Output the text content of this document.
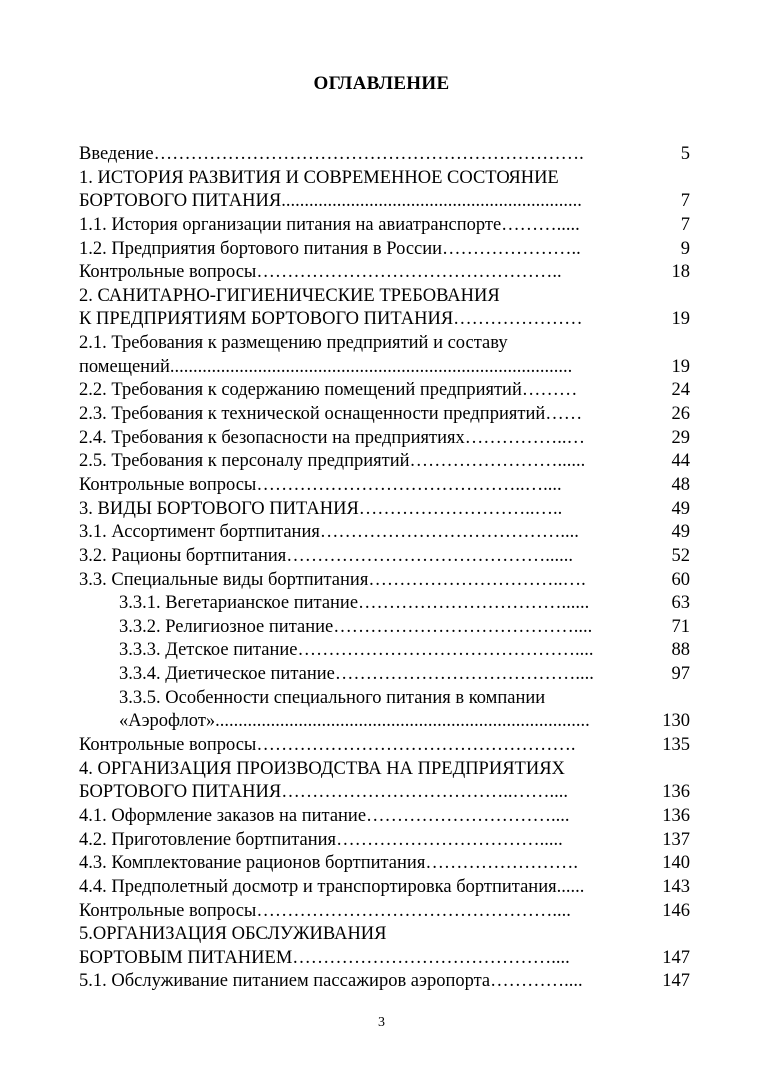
ОГЛАВЛЕНИЕ
Введение…………………………………………………………….	5
1. ИСТОРИЯ РАЗВИТИЯ И СОВРЕМЕННОЕ СОСТОЯНИЕ
БОРТОВОГО ПИТАНИЯ.................................................................	7
1.1. История организации питания на авиатранспорте……….....	7
1.2. Предприятия бортового питания в России…………………..	9
Контрольные вопросы…………………………………………..	18
2. САНИТАРНО-ГИГИЕНИЧЕСКИЕ ТРЕБОВАНИЯ
К ПРЕДПРИЯТИЯМ БОРТОВОГО ПИТАНИЯ…………………	19
2.1. Требования к размещению предприятий и составу
помещений.......................................................................................	19
2.2. Требования к содержанию помещений предприятий………	24
2.3. Требования к технической оснащенности предприятий……	26
2.4. Требования к безопасности на предприятиях……………..…	29
2.5. Требования к персоналу предприятий……………………......	44
Контрольные вопросы……………………………………..…....	48
3. ВИДЫ БОРТОВОГО ПИТАНИЯ………………………..…..	49
3.1. Ассортимент бортпитания…………………………………....	49
3.2. Рационы бортпитания……………………………………......	52
3.3. Специальные виды бортпитания…………………………..….	60
3.3.1. Вегетарианское питание……………………………......	63
3.3.2. Религиозное питание…………………………………....	71
3.3.3. Детское питание………………………………………....	88
3.3.4. Диетическое питание…………………………………....	97
3.3.5. Особенности специального питания в компании
«Аэрофлот».................................................................................	130
Контрольные вопросы…………………………………………….	135
4. ОРГАНИЗАЦИЯ ПРОИЗВОДСТВА НА ПРЕДПРИЯТИЯХ
БОРТОВОГО ПИТАНИЯ………………………………..……....	136
4.1. Оформление заказов на питание…………………………....	136
4.2. Приготовление бортпитания…………………………….....	137
4.3. Комплектование рационов бортпитания…………………….	140
4.4. Предполетный досмотр и транспортировка бортпитания......	143
Контрольные вопросы…………………………………………....	146
5.ОРГАНИЗАЦИЯ ОБСЛУЖИВАНИЯ
БОРТОВЫМ ПИТАНИЕМ……………………………………....	147
5.1. Обслуживание питанием пассажиров аэропорта…………....	147
3
